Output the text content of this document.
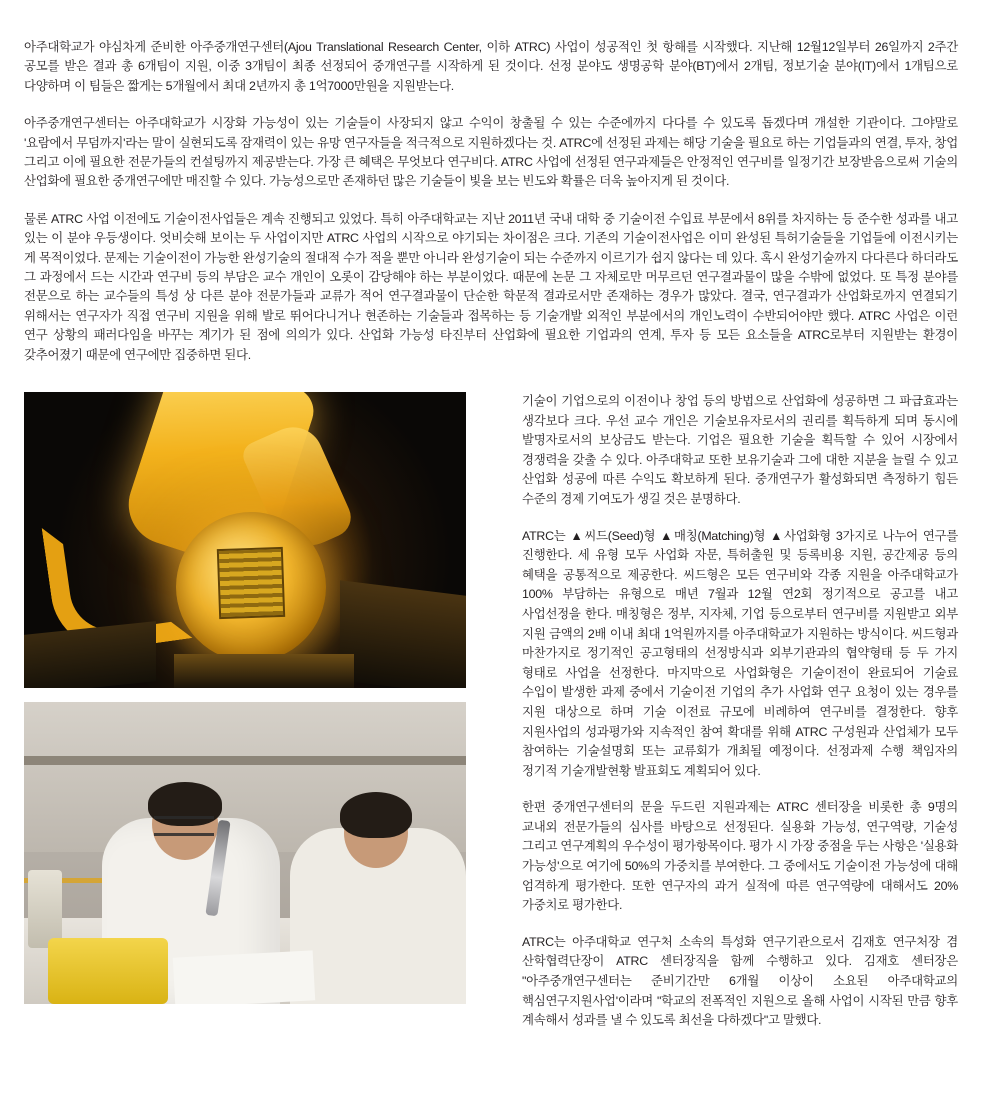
아주대학교가 야심차게 준비한 아주중개연구센터(Ajou Translational Research Center, 이하 ATRC) 사업이 성공적인 첫 항해를 시작했다. 지난해 12월12일부터 26일까지 2주간 공모를 받은 결과 총 6개팀이 지원, 이중 3개팀이 최종 선정되어 중개연구를 시작하게 된 것이다. 선정 분야도 생명공학 분야(BT)에서 2개팀, 정보기술 분야(IT)에서 1개팀으로 다양하며 이 팀들은 짧게는 5개월에서 최대 2년까지 총 1억7000만원을 지원받는다.

아주중개연구센터는 아주대학교가 시장화 가능성이 있는 기술들이 사장되지 않고 수익이 창출될 수 있는 수준에까지 다다를 수 있도록 돕겠다며 개설한 기관이다. 그야말로 '요람에서 무덤까지'라는 말이 실현되도록 잠재력이 있는 유망 연구자들을 적극적으로 지원하겠다는 것. ATRC에 선정된 과제는 해당 기술을 필요로 하는 기업들과의 연결, 투자, 창업 그리고 이에 필요한 전문가들의 컨설팅까지 제공받는다. 가장 큰 혜택은 무엇보다 연구비다. ATRC 사업에 선정된 연구과제들은 안정적인 연구비를 일정기간 보장받음으로써 기술의 산업화에 필요한 중개연구에만 매진할 수 있다. 가능성으로만 존재하던 많은 기술들이 빛을 보는 빈도와 확률은 더욱 높아지게 된 것이다.

물론 ATRC 사업 이전에도 기술이전사업들은 계속 진행되고 있었다. 특히 아주대학교는 지난 2011년 국내 대학 중 기술이전 수입료 부문에서 8위를 차지하는 등 준수한 성과를 내고 있는 이 분야 우등생이다. 엇비슷해 보이는 두 사업이지만 ATRC 사업의 시작으로 야기되는 차이점은 크다. 기존의 기술이전사업은 이미 완성된 특허기술들을 기업들에 이전시키는 게 목적이었다. 문제는 기술이전이 가능한 완성기술의 절대적 수가 적을 뿐만 아니라 완성기술이 되는 수준까지 이르기가 쉽지 않다는 데 있다. 혹시 완성기술까지 다다른다 하더라도 그 과정에서 드는 시간과 연구비 등의 부담은 교수 개인이 오롯이 감당해야 하는 부분이었다. 때문에 논문 그 자체로만 머무르던 연구결과물이 많을 수밖에 없었다. 또 특정 분야를 전문으로 하는 교수들의 특성 상 다른 분야 전문가들과 교류가 적어 연구결과물이 단순한 학문적 결과로서만 존재하는 경우가 많았다. 결국, 연구결과가 산업화로까지 연결되기 위해서는 연구자가 직접 연구비 지원을 위해 발로 뛰어다니거나 현존하는 기술들과 접목하는 등 기술개발 외적인 부분에서의 개인노력이 수반되어야만 했다. ATRC 사업은 이런 연구 상황의 패러다임을 바꾸는 계기가 된 점에 의의가 있다. 산업화 가능성 타진부터 산업화에 필요한 기업과의 연계, 투자 등 모든 요소들을 ATRC로부터 지원받는 환경이 갖추어졌기 때문에 연구에만 집중하면 된다.

기술이 기업으로의 이전이나 창업 등의 방법으로 산업화에 성공하면 그 파급효과는 생각보다 크다. 우선 교수 개인은 기술보유자로서의 권리를 획득하게 되며 동시에 발명자로서의 보상금도 받는다. 기업은 필요한 기술을 획득할 수 있어 시장에서 경쟁력을 갖출 수 있다. 아주대학교 또한 보유기술과 그에 대한 지분을 늘릴 수 있고 산업화 성공에 따른 수익도 확보하게 된다. 중개연구가 활성화되면 측정하기 힘든 수준의 경제 기여도가 생길 것은 분명하다.

ATRC는 ▲씨드(Seed)형 ▲매칭(Matching)형 ▲사업화형 3가지로 나누어 연구를 진행한다. 세 유형 모두 사업화 자문, 특허출원 및 등록비용 지원, 공간제공 등의 혜택을 공통적으로 제공한다. 씨드형은 모든 연구비와 각종 지원을 아주대학교가 100% 부담하는 유형으로 매년 7월과 12월 연2회 정기적으로 공고를 내고 사업선정을 한다. 매칭형은 정부, 지자체, 기업 등으로부터 연구비를 지원받고 외부 지원 금액의 2배 이내 최대 1억원까지를 아주대학교가 지원하는 방식이다. 씨드형과 마찬가지로 정기적인 공고형태의 선정방식과 외부기관과의 협약형태 등 두 가지 형태로 사업을 선정한다. 마지막으로 사업화형은 기술이전이 완료되어 기술료 수입이 발생한 과제 중에서 기술이전 기업의 추가 사업화 연구 요청이 있는 경우를 지원 대상으로 하며 기술 이전료 규모에 비례하여 연구비를 결정한다. 향후 지원사업의 성과평가와 지속적인 참여 확대를 위해 ATRC 구성원과 산업체가 모두 참여하는 기술설명회 또는 교류회가 개최될 예정이다. 선정과제 수행 책임자의 정기적 기술개발현황 발표회도 계획되어 있다.

한편 중개연구센터의 문을 두드린 지원과제는 ATRC 센터장을 비롯한 총 9명의 교내외 전문가들의 심사를 바탕으로 선정된다. 실용화 가능성, 연구역량, 기술성 그리고 연구계획의 우수성이 평가항목이다. 평가 시 가장 중점을 두는 사항은 '실용화 가능성'으로 여기에 50%의 가중치를 부여한다. 그 중에서도 기술이전 가능성에 대해 엄격하게 평가한다. 또한 연구자의 과거 실적에 따른 연구역량에 대해서도 20% 가중치로 평가한다.

ATRC는 아주대학교 연구처 소속의 특성화 연구기관으로서 김재호 연구처장 겸 산학협력단장이 ATRC 센터장직을 함께 수행하고 있다. 김재호 센터장은 "아주중개연구센터는 준비기간만 6개월 이상이 소요된 아주대학교의 핵심연구지원사업'이라며 "학교의 전폭적인 지원으로 올해 사업이 시작된 만큼 향후 계속해서 성과를 낼 수 있도록 최선을 다하겠다"고 말했다.
